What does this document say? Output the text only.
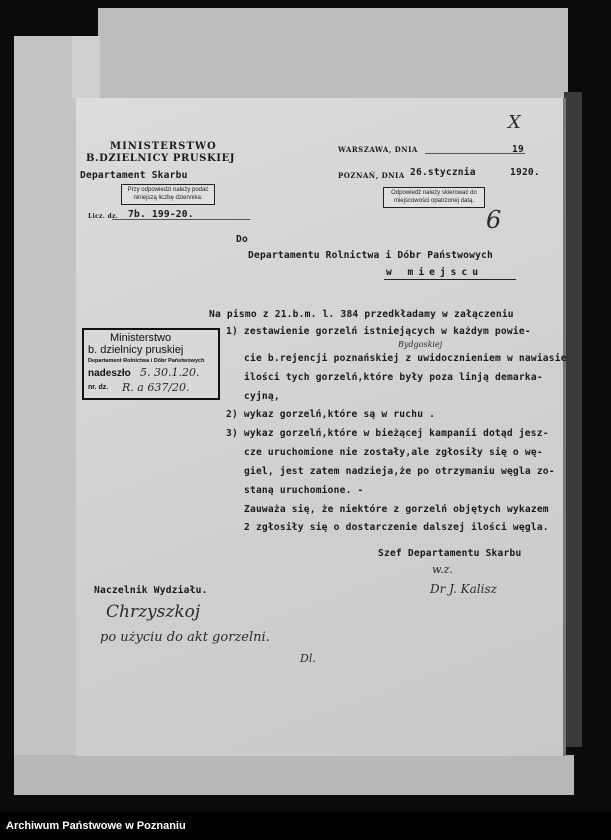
MINISTERSTWO
B.DZIELNICY PRUSKIEJ
Departament Skarbu
Przy odpowiedzi należy podać niniejszą liczbę dziennika:
Licz. dz. 7b. 199-20.
WARSZAWA, DNIA	19
POZNAŃ, DNIA 26.stycznia	1920.
Odpowiedź należy skierować do miejscowości opatrzonej datą.
6
X
Do
Departamentu Rolnictwa i Dóbr Państwowych
w miejscu
Ministerstwo
b. dzielnicy pruskiej
Departament Rolnictwa i Dóbr Państwowych
nadeszło 5. 30.1.20.
nr. dz. R. a 637/20.
Na pismo z 21.b.m. l. 384 przedkładamy w załączeniu
1) zestawienie gorzelń istniejących w każdym powie-
Bydgoskiej
cie b.rejencji poznańskiej z uwidocznieniem w nawiasie
ilości tych gorzelń,które były poza linją demarka-
cyjną,
2) wykaz gorzelń,które są w ruchu .
3) wykaz gorzelń,które w bieżącej kampanii dotąd jesz-
cze uruchomione nie zostały,ale zgłosiły się o wę-
giel, jest zatem nadzieja,że po otrzymaniu węgla zo-
staną uruchomione. -
Zauważa się, że niektóre z gorzelń objętych wykazem
2 zgłosiły się o dostarczenie dalszej ilości węgla.
Szef Departamentu Skarbu
w.z.
Dr J. Kalisz
Naczelnik Wydziału.
Chrzyszkoj
po użyciu do akt gorzelni.
Dl.
Archiwum Państwowe w Poznaniu
